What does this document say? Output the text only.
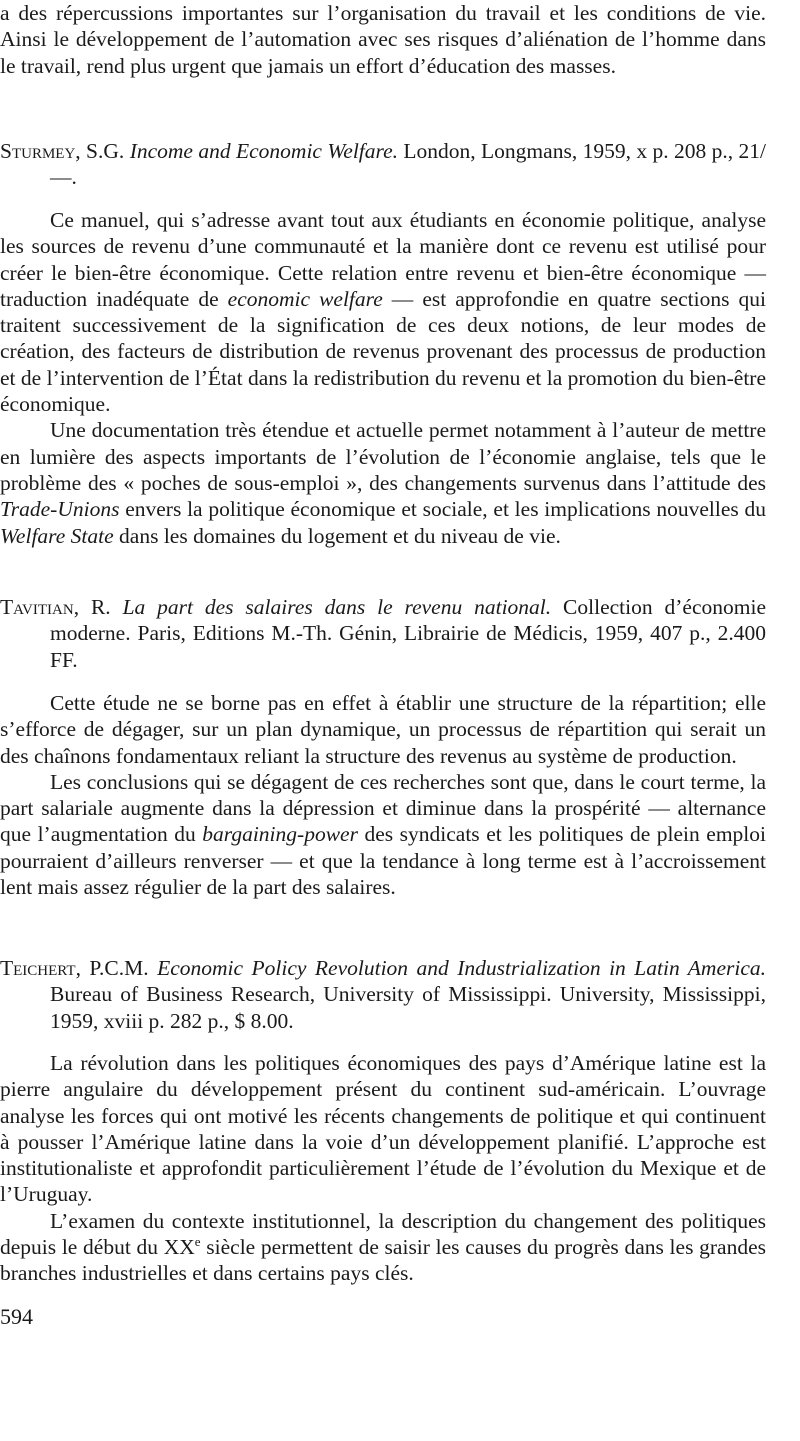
a des répercussions importantes sur l’organisation du travail et les conditions de vie. Ainsi le développement de l’automation avec ses risques d’aliénation de l’homme dans le travail, rend plus urgent que jamais un effort d’éducation des masses.

Sturmey, S.G. Income and Economic Welfare. London, Longmans, 1959, x p. 208 p., 21/—.

Ce manuel, qui s’adresse avant tout aux étudiants en économie politique, analyse les sources de revenu d’une communauté et la manière dont ce revenu est utilisé pour créer le bien-être économique. Cette relation entre revenu et bien-être économique — traduction inadéquate de economic welfare — est approfondie en quatre sections qui traitent successivement de la signification de ces deux notions, de leur modes de création, des facteurs de distribution de revenus provenant des processus de production et de l’intervention de l’État dans la redistribution du revenu et la promotion du bien-être économique.

Une documentation très étendue et actuelle permet notamment à l’auteur de mettre en lumière des aspects importants de l’évolution de l’économie anglaise, tels que le problème des « poches de sous-emploi », des changements survenus dans l’attitude des Trade-Unions envers la politique économique et sociale, et les implications nouvelles du Welfare State dans les domaines du logement et du niveau de vie.

Tavitian, R. La part des salaires dans le revenu national. Collection d’économie moderne. Paris, Editions M.-Th. Génin, Librairie de Médicis, 1959, 407 p., 2.400 FF.

Cette étude ne se borne pas en effet à établir une structure de la répartition; elle s’efforce de dégager, sur un plan dynamique, un processus de répartition qui serait un des chaînons fondamentaux reliant la structure des revenus au système de production.

Les conclusions qui se dégagent de ces recherches sont que, dans le court terme, la part salariale augmente dans la dépression et diminue dans la prospérité — alternance que l’augmentation du bargaining-power des syndicats et les politiques de plein emploi pourraient d’ailleurs renverser — et que la tendance à long terme est à l’accroissement lent mais assez régulier de la part des salaires.

Teichert, P.C.M. Economic Policy Revolution and Industrialization in Latin America. Bureau of Business Research, University of Mississippi. University, Mississippi, 1959, xviii p. 282 p., $ 8.00.

La révolution dans les politiques économiques des pays d’Amérique latine est la pierre angulaire du développement présent du continent sud-américain. L’ouvrage analyse les forces qui ont motivé les récents changements de politique et qui continuent à pousser l’Amérique latine dans la voie d’un développement planifié. L’approche est institutionaliste et approfondit particulièrement l’étude de l’évolution du Mexique et de l’Uruguay.

L’examen du contexte institutionnel, la description du changement des politiques depuis le début du XXe siècle permettent de saisir les causes du progrès dans les grandes branches industrielles et dans certains pays clés.

594
